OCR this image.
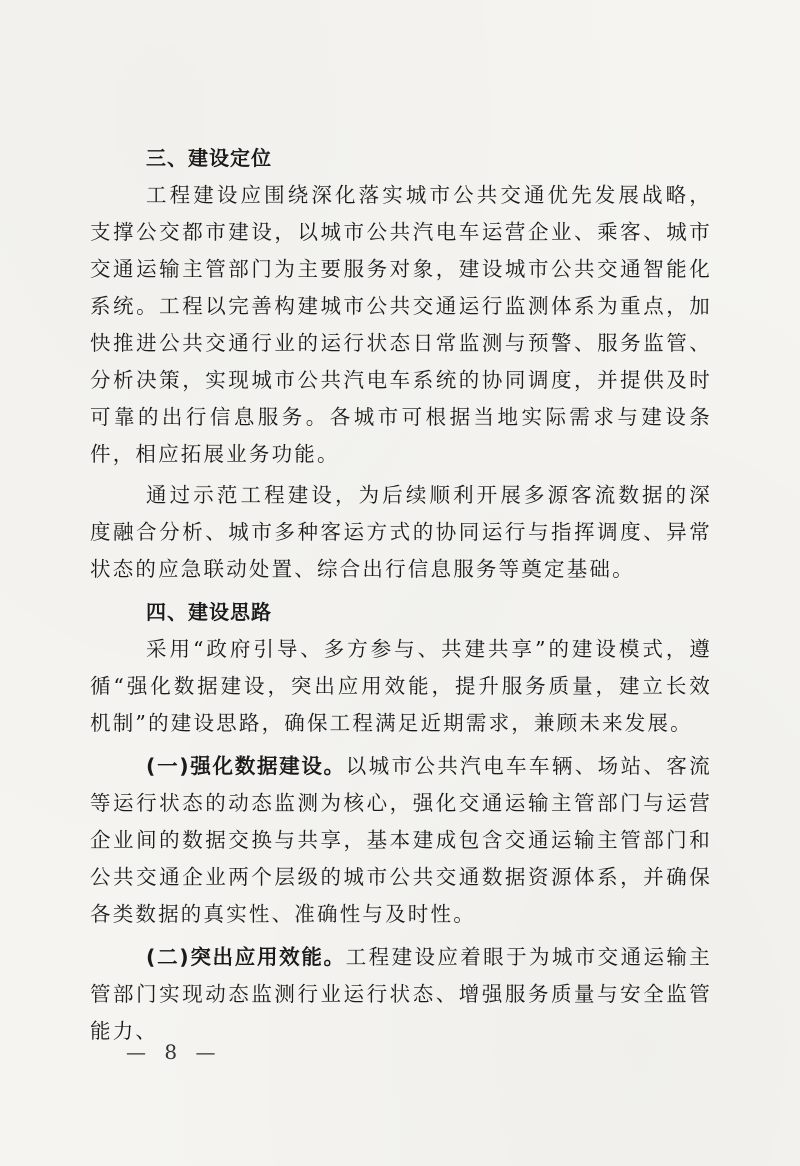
三、建设定位

工程建设应围绕深化落实城市公共交通优先发展战略，支撑公交都市建设，以城市公共汽电车运营企业、乘客、城市交通运输主管部门为主要服务对象，建设城市公共交通智能化系统。工程以完善构建城市公共交通运行监测体系为重点，加快推进公共交通行业的运行状态日常监测与预警、服务监管、分析决策，实现城市公共汽电车系统的协同调度，并提供及时可靠的出行信息服务。各城市可根据当地实际需求与建设条件，相应拓展业务功能。

通过示范工程建设，为后续顺利开展多源客流数据的深度融合分析、城市多种客运方式的协同运行与指挥调度、异常状态的应急联动处置、综合出行信息服务等奠定基础。

四、建设思路

采用“政府引导、多方参与、共建共享”的建设模式，遵循“强化数据建设，突出应用效能，提升服务质量，建立长效机制”的建设思路，确保工程满足近期需求，兼顾未来发展。

(一)强化数据建设。以城市公共汽电车车辆、场站、客流等运行状态的动态监测为核心，强化交通运输主管部门与运营企业间的数据交换与共享，基本建成包含交通运输主管部门和公共交通企业两个层级的城市公共交通数据资源体系，并确保各类数据的真实性、准确性与及时性。

(二)突出应用效能。工程建设应着眼于为城市交通运输主管部门实现动态监测行业运行状态、增强服务质量与安全监管能力、

— 8 —
